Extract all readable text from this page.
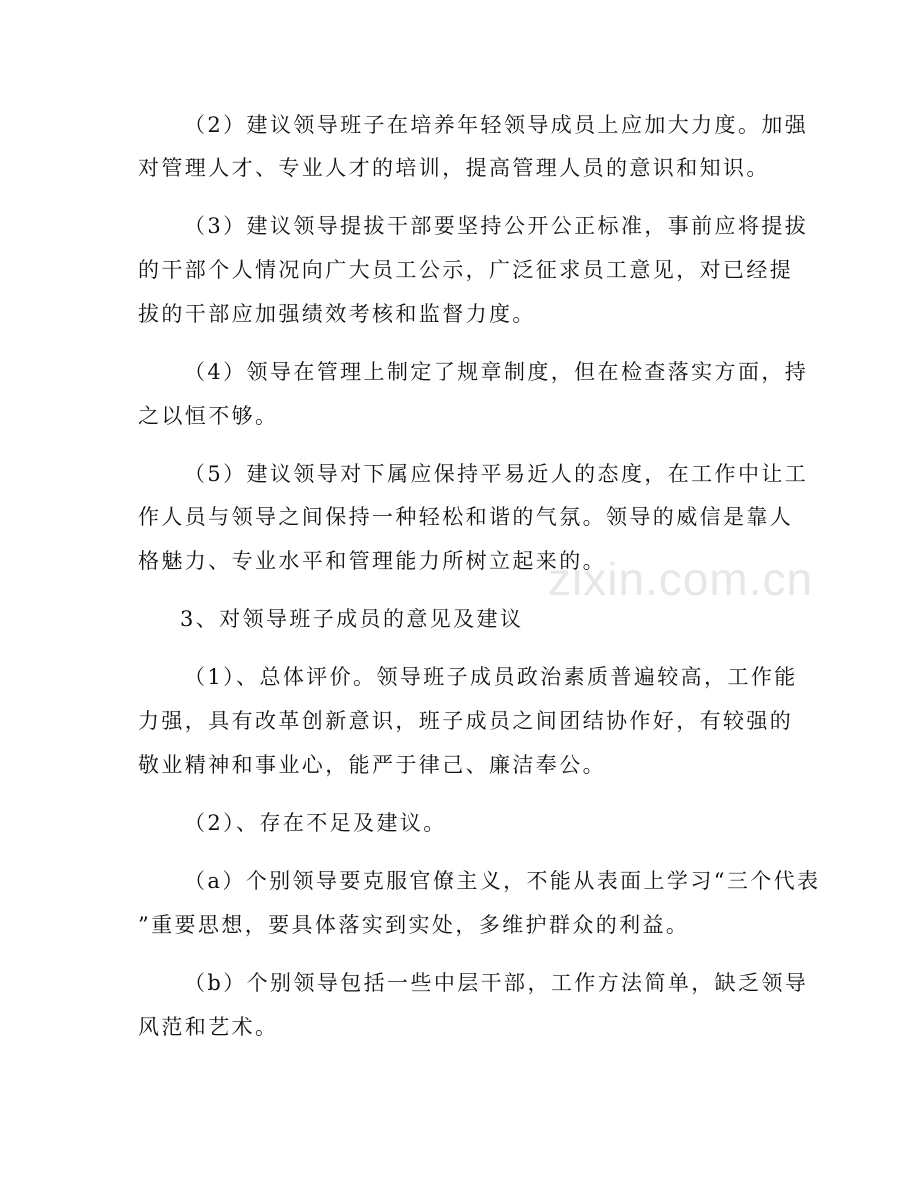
（2）建议领导班子在培养年轻领导成员上应加大力度。加强
对管理人才、专业人才的培训，提高管理人员的意识和知识。
（3）建议领导提拔干部要坚持公开公正标准，事前应将提拔
的干部个人情况向广大员工公示，广泛征求员工意见，对已经提
拔的干部应加强绩效考核和监督力度。
（4）领导在管理上制定了规章制度，但在检查落实方面，持
之以恒不够。
（5）建议领导对下属应保持平易近人的态度，在工作中让工
作人员与领导之间保持一种轻松和谐的气氛。领导的威信是靠人
格魅力、专业水平和管理能力所树立起来的。
3、对领导班子成员的意见及建议
（1）、总体评价。领导班子成员政治素质普遍较高，工作能
力强，具有改革创新意识，班子成员之间团结协作好，有较强的
敬业精神和事业心，能严于律己、廉洁奉公。
（2）、存在不足及建议。
（a）个别领导要克服官僚主义，不能从表面上学习“三个代表
”重要思想，要具体落实到实处，多维护群众的利益。
（b）个别领导包括一些中层干部，工作方法简单，缺乏领导
风范和艺术。
zixin.com.cn
